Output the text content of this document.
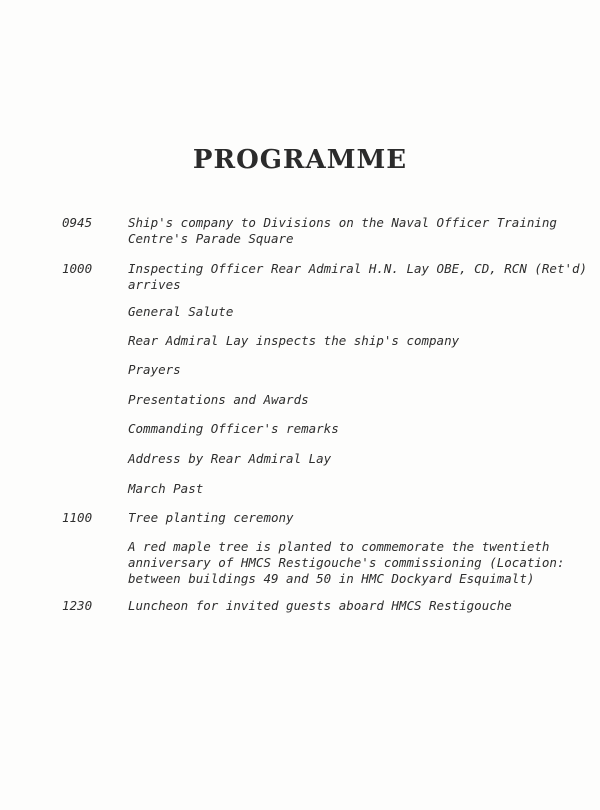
PROGRAMME
0945	Ship's company to Divisions on the Naval Officer Training
Centre's Parade Square
1000	Inspecting Officer Rear Admiral H.N. Lay OBE, CD, RCN (Ret'd)
arrives
General Salute
Rear Admiral Lay inspects the ship's company
Prayers
Presentations and Awards
Commanding Officer's remarks
Address by Rear Admiral Lay
March Past
1100	Tree planting ceremony
A red maple tree is planted to commemorate the twentieth
anniversary of HMCS Restigouche's commissioning (Location:
between buildings 49 and 50 in HMC Dockyard Esquimalt)
1230	Luncheon for invited guests aboard HMCS Restigouche
